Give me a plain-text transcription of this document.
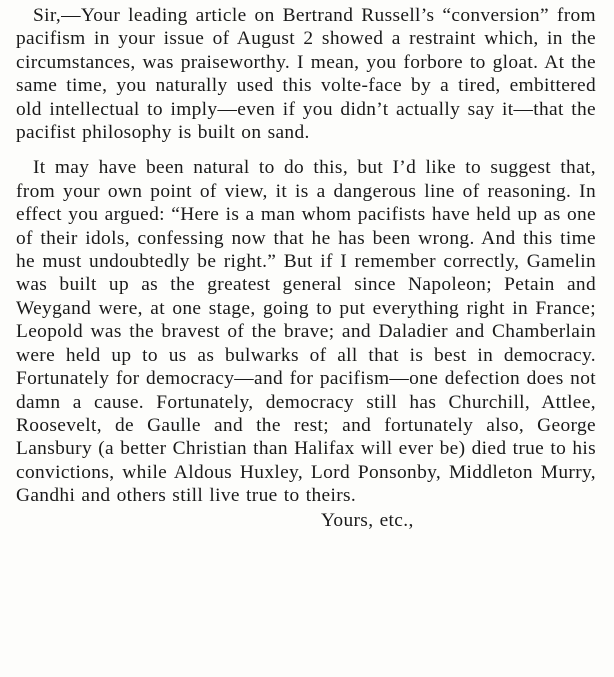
Sir,—Your leading article on Bertrand Russell’s “conversion” from pacifism in your issue of August 2 showed a restraint which, in the circumstances, was praiseworthy. I mean, you forbore to gloat. At the same time, you naturally used this volte-face by a tired, embittered old intellectual to imply—even if you didn’t actually say it—that the pacifist philosophy is built on sand.

It may have been natural to do this, but I’d like to suggest that, from your own point of view, it is a dangerous line of reasoning. In effect you argued: “Here is a man whom pacifists have held up as one of their idols, confessing now that he has been wrong. And this time he must undoubtedly be right.” But if I remember correctly, Gamelin was built up as the greatest general since Napoleon; Petain and Weygand were, at one stage, going to put everything right in France; Leopold was the bravest of the brave; and Daladier and Chamberlain were held up to us as bulwarks of all that is best in democracy. Fortunately for democracy—and for pacifism—one defection does not damn a cause. Fortunately, democracy still has Churchill, Attlee, Roosevelt, de Gaulle and the rest; and fortunately also, George Lansbury (a better Christian than Halifax will ever be) died true to his convictions, while Aldous Huxley, Lord Ponsonby, Middleton Murry, Gandhi and others still live true to theirs.

Yours, etc.,
